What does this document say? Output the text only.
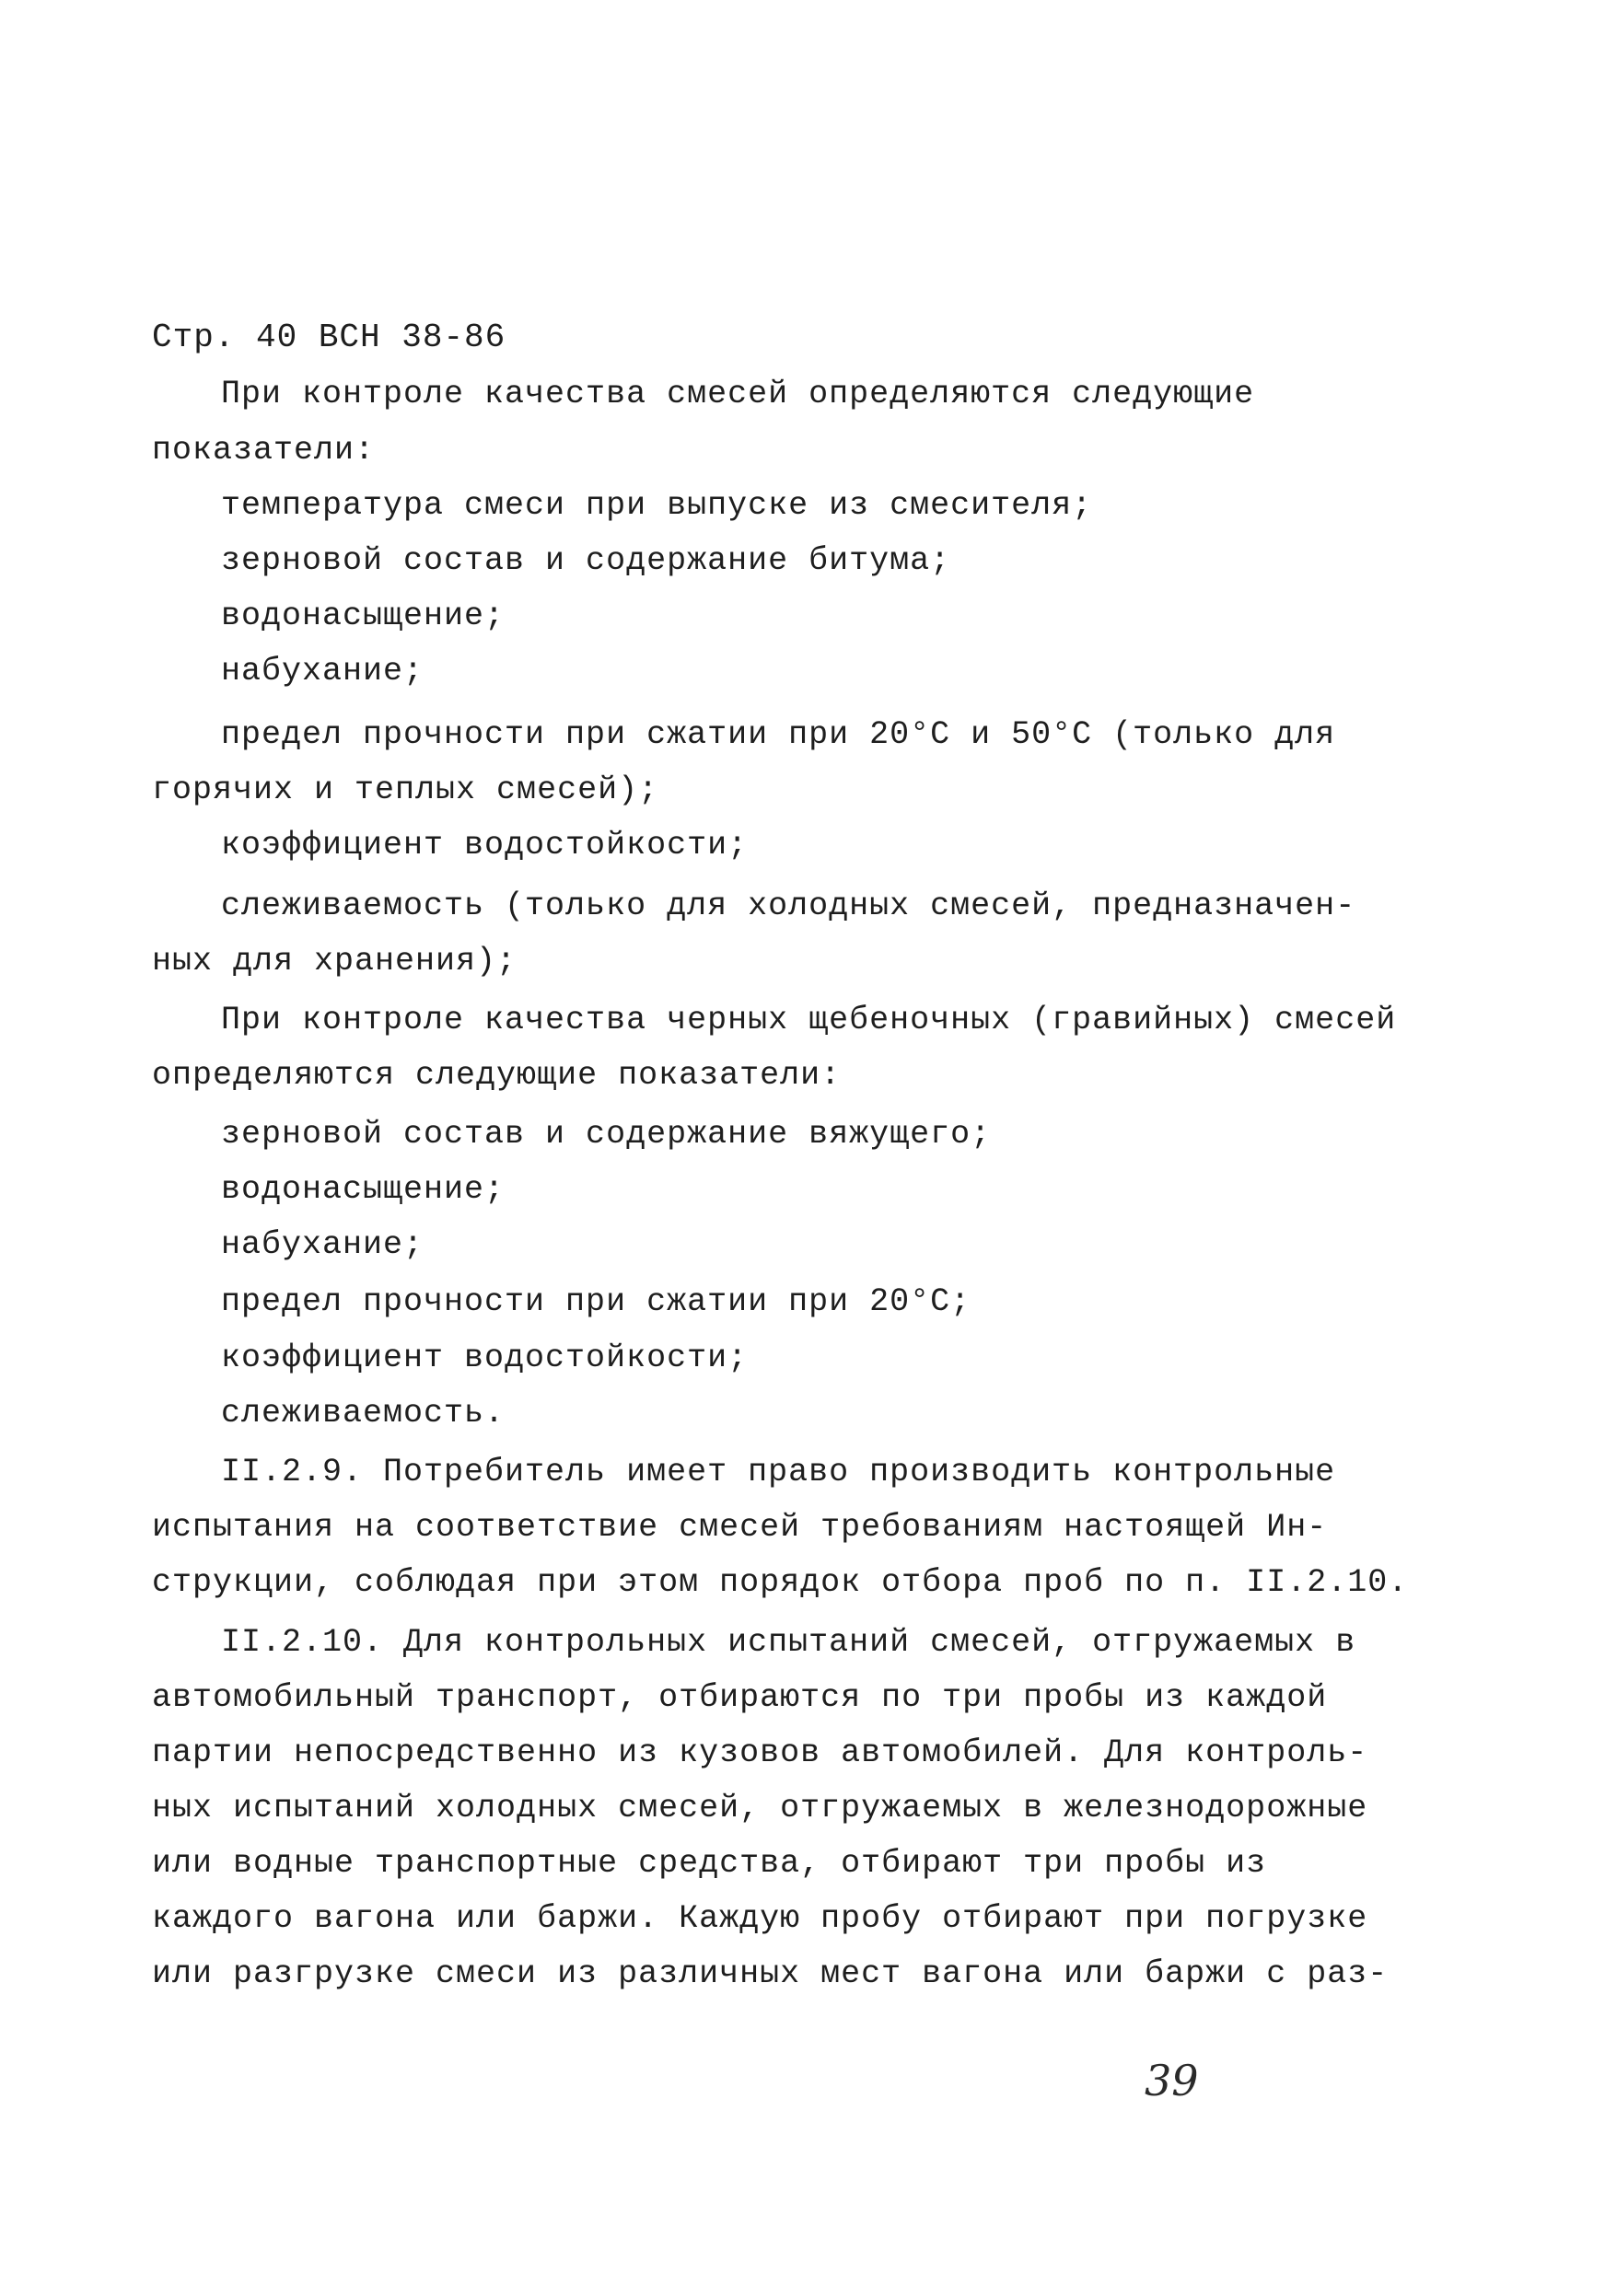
Стр. 40 ВСН 38-86
При контроле качества смесей определяются следующие
показатели:
температура смеси при выпуске из смесителя;
зерновой состав и содержание битума;
водонасыщение;
набухание;
предел прочности при сжатии при 20°С и 50°С (только для
горячих и теплых смесей);
коэффициент водостойкости;
слеживаемость (только для холодных смесей, предназначен-
ных для хранения);
При контроле качества черных щебеночных (гравийных) смесей
определяются следующие показатели:
зерновой состав и содержание вяжущего;
водонасыщение;
набухание;
предел прочности при сжатии при 20°С;
коэффициент водостойкости;
слеживаемость.
II.2.9. Потребитель имеет право производить контрольные
испытания на соответствие смесей требованиям настоящей Ин-
струкции, соблюдая при этом порядок отбора проб по п. II.2.10.
II.2.10. Для контрольных испытаний смесей, отгружаемых в
автомобильный транспорт, отбираются по три пробы из каждой
партии непосредственно из кузовов автомобилей. Для контроль-
ных испытаний холодных смесей, отгружаемых в железнодорожные
или водные транспортные средства, отбирают три пробы из
каждого вагона или баржи. Каждую пробу отбирают при погрузке
или разгрузке смеси из различных мест вагона или баржи с раз-
39
